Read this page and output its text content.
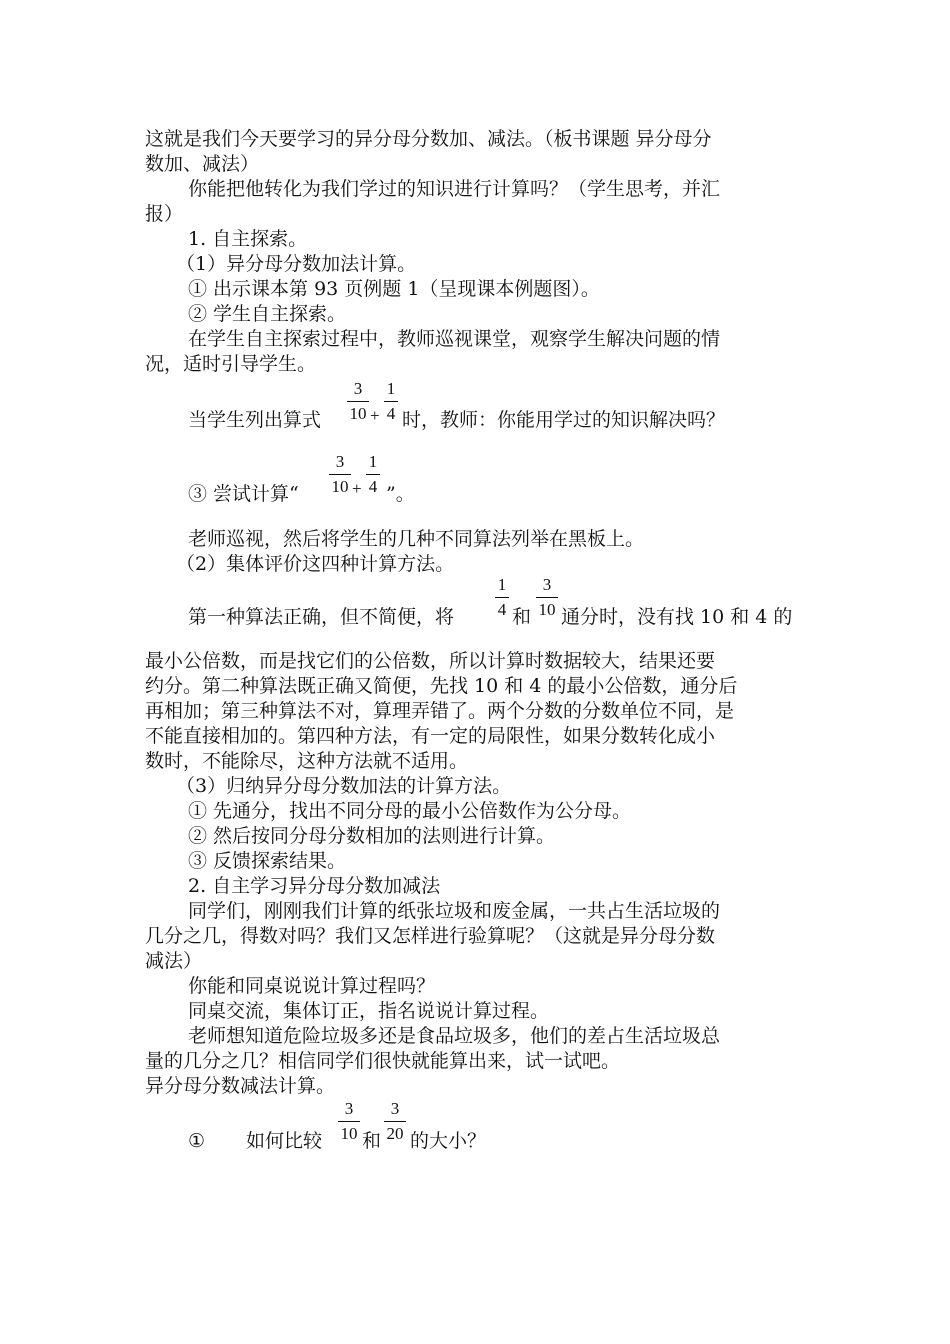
这就是我们今天要学习的异分母分数加、减法。（板书课题 异分母分
数加、减法）
你能把他转化为我们学过的知识进行计算吗？（学生思考，并汇
报）
1. 自主探索。
（1）异分母分数加法计算。
① 出示课本第 93 页例题 1（呈现课本例题图）。
② 学生自主探索。
在学生自主探索过程中，教师巡视课堂，观察学生解决问题的情
况，适时引导学生。
当学生列出算式
3
10 +
1
4 时，教师：你能用学过的知识解决吗？
③ 尝试计算“
3
10 +
1
4 ”。
老师巡视，然后将学生的几种不同算法列举在黑板上。
（2）集体评价这四种计算方法。
第一种算法正确，但不简便，将
1
4 和
3
10 通分时，没有找 10 和 4 的
最小公倍数，而是找它们的公倍数，所以计算时数据较大，结果还要
约分。第二种算法既正确又简便，先找 10 和 4 的最小公倍数，通分后
再相加；第三种算法不对，算理弄错了。两个分数的分数单位不同，是
不能直接相加的。第四种方法，有一定的局限性，如果分数转化成小
数时，不能除尽，这种方法就不适用。
（3）归纳异分母分数加法的计算方法。
① 先通分，找出不同分母的最小公倍数作为公分母。
② 然后按同分母分数相加的法则进行计算。
③ 反馈探索结果。
2. 自主学习异分母分数加减法
同学们，刚刚我们计算的纸张垃圾和废金属，一共占生活垃圾的
几分之几，得数对吗？我们又怎样进行验算呢？（这就是异分母分数
减法）
你能和同桌说说计算过程吗？
同桌交流，集体订正，指名说说计算过程。
老师想知道危险垃圾多还是食品垃圾多，他们的差占生活垃圾总
量的几分之几？相信同学们很快就能算出来，试一试吧。
异分母分数减法计算。
① 如何比较
3
10 和
3
20 的大小？
